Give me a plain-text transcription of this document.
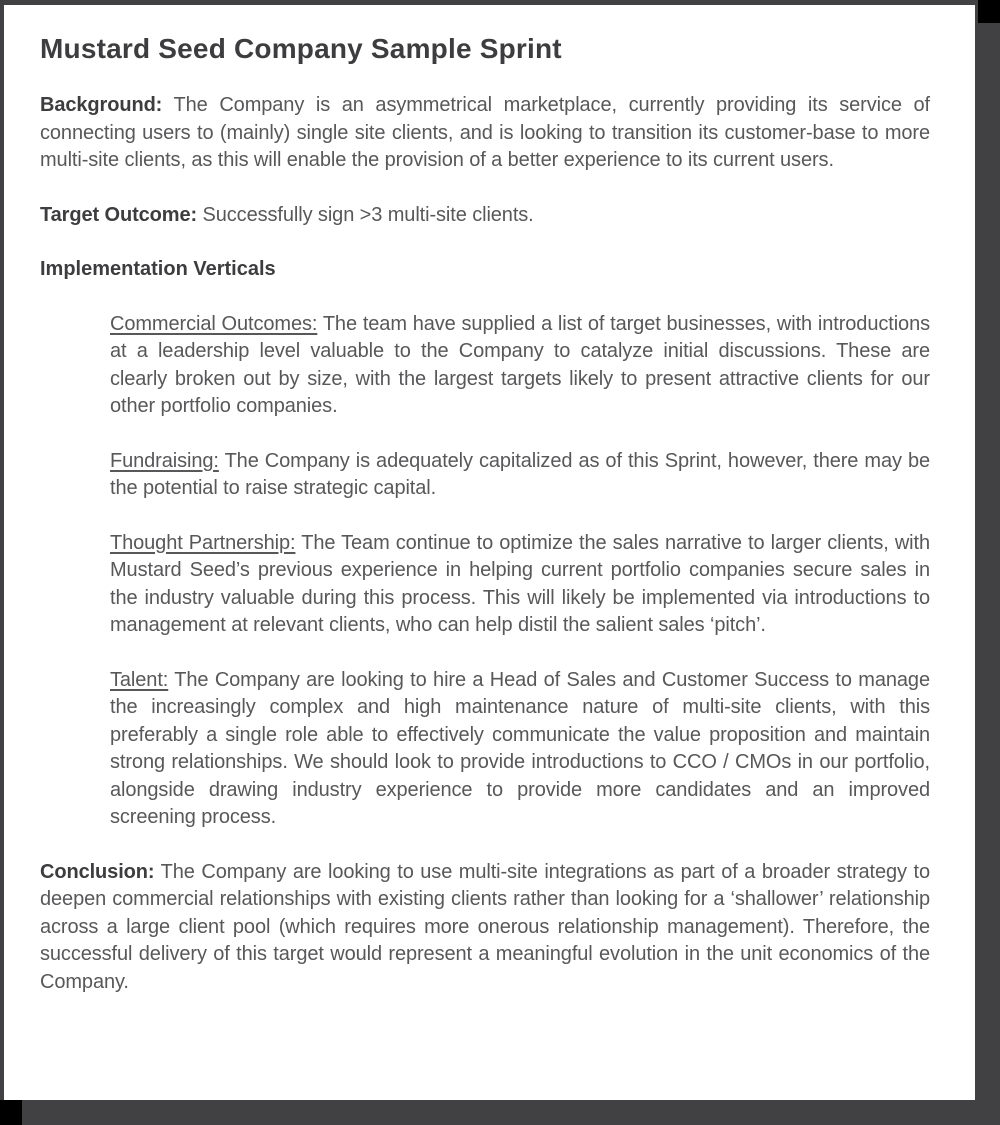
Mustard Seed Company Sample Sprint

Background: The Company is an asymmetrical marketplace, currently providing its service of connecting users to (mainly) single site clients, and is looking to transition its customer-base to more multi-site clients, as this will enable the provision of a better experience to its current users.

Target Outcome: Successfully sign >3 multi-site clients.

Implementation Verticals

Commercial Outcomes: The team have supplied a list of target businesses, with introductions at a leadership level valuable to the Company to catalyze initial discussions. These are clearly broken out by size, with the largest targets likely to present attractive clients for our other portfolio companies.

Fundraising: The Company is adequately capitalized as of this Sprint, however, there may be the potential to raise strategic capital.

Thought Partnership: The Team continue to optimize the sales narrative to larger clients, with Mustard Seed’s previous experience in helping current portfolio companies secure sales in the industry valuable during this process. This will likely be implemented via introductions to management at relevant clients, who can help distil the salient sales ‘pitch’.

Talent: The Company are looking to hire a Head of Sales and Customer Success to manage the increasingly complex and high maintenance nature of multi-site clients, with this preferably a single role able to effectively communicate the value proposition and maintain strong relationships. We should look to provide introductions to CCO / CMOs in our portfolio, alongside drawing industry experience to provide more candidates and an improved screening process.

Conclusion: The Company are looking to use multi-site integrations as part of a broader strategy to deepen commercial relationships with existing clients rather than looking for a ‘shallower’ relationship across a large client pool (which requires more onerous relationship management). Therefore, the successful delivery of this target would represent a meaningful evolution in the unit economics of the Company.
